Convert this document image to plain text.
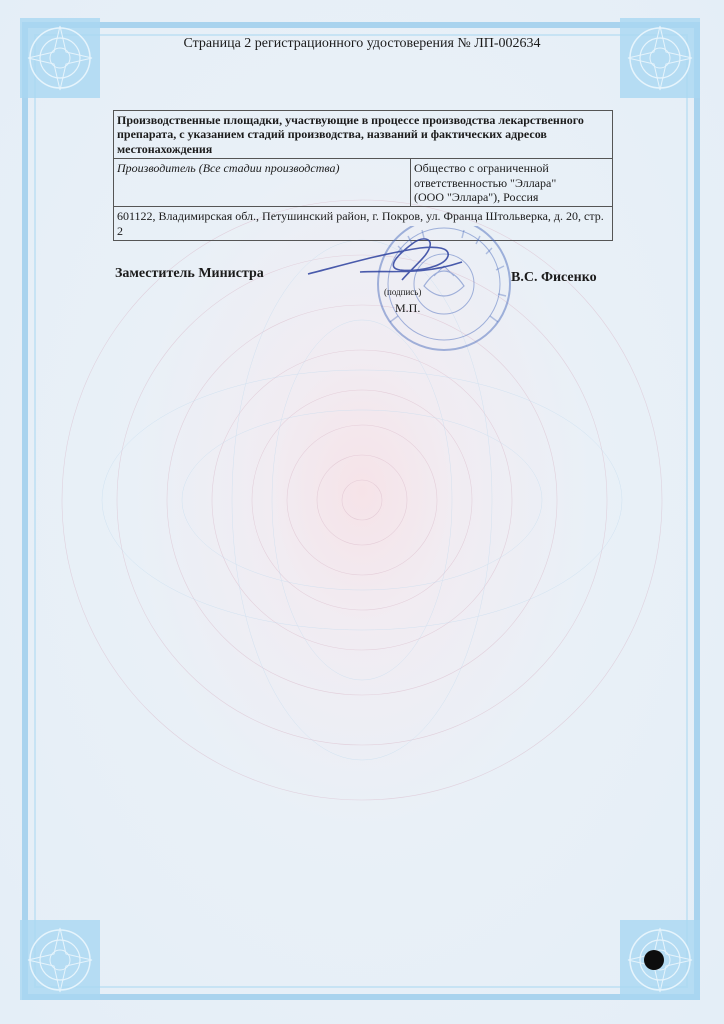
Страница 2 регистрационного удостоверения № ЛП-002634
Производственные площадки, участвующие в процессе производства лекарственного препарата, с указанием стадий производства, названий и фактических адресов местонахождения
Производитель (Все стадии производства)	Общество с ограниченной
ответственностью "Эллара"
(ООО "Эллара"), Россия

601122, Владимирская обл., Петушинский район, г. Покров, ул. Франца Штольверка, д. 20, стр. 2
Заместитель Министра	В.С. Фисенко
(подпись)
М.П.
